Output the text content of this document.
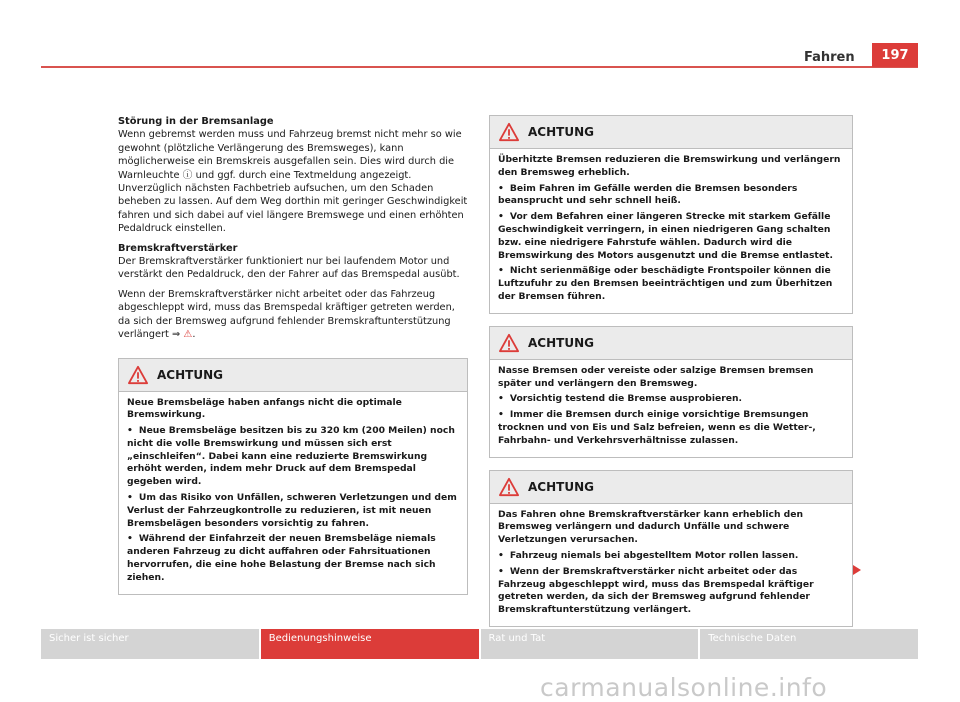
Fahren	197

Störung in der Bremsanlage

Wenn gebremst werden muss und Fahrzeug bremst nicht mehr so wie gewohnt (plötzliche Verlängerung des Bremsweges), kann möglicherweise ein Bremskreis ausgefallen sein. Dies wird durch die Warnleuchte ⓘ und ggf. durch eine Textmeldung angezeigt. Unverzüglich nächsten Fachbetrieb aufsuchen, um den Schaden beheben zu lassen. Auf dem Weg dorthin mit geringer Geschwindigkeit fahren und sich dabei auf viel längere Bremswege und einen erhöhten Pedaldruck einstellen.

Bremskraftverstärker

Der Bremskraftverstärker funktioniert nur bei laufendem Motor und verstärkt den Pedaldruck, den der Fahrer auf das Bremspedal ausübt.

Wenn der Bremskraftverstärker nicht arbeitet oder das Fahrzeug abgeschleppt wird, muss das Bremspedal kräftiger getreten werden, da sich der Bremsweg aufgrund fehlender Bremskraftunterstützung verlängert ⇒ ⚠.

ACHTUNG

Neue Bremsbeläge haben anfangs nicht die optimale Bremswirkung.

• Neue Bremsbeläge besitzen bis zu 320 km (200 Meilen) noch nicht die volle Bremswirkung und müssen sich erst „einschleifen“. Dabei kann eine reduzierte Bremswirkung erhöht werden, indem mehr Druck auf dem Bremspedal gegeben wird.

• Um das Risiko von Unfällen, schweren Verletzungen und dem Verlust der Fahrzeugkontrolle zu reduzieren, ist mit neuen Bremsbelägen besonders vorsichtig zu fahren.

• Während der Einfahrzeit der neuen Bremsbeläge niemals anderen Fahrzeug zu dicht auffahren oder Fahrsituationen hervorrufen, die eine hohe Belastung der Bremse nach sich ziehen.

ACHTUNG

Überhitzte Bremsen reduzieren die Bremswirkung und verlängern den Bremsweg erheblich.

• Beim Fahren im Gefälle werden die Bremsen besonders beansprucht und sehr schnell heiß.

• Vor dem Befahren einer längeren Strecke mit starkem Gefälle Geschwindigkeit verringern, in einen niedrigeren Gang schalten bzw. eine niedrigere Fahrstufe wählen. Dadurch wird die Bremswirkung des Motors ausgenutzt und die Bremse entlastet.

• Nicht serienmäßige oder beschädigte Frontspoiler können die Luftzufuhr zu den Bremsen beeinträchtigen und zum Überhitzen der Bremsen führen.

ACHTUNG

Nasse Bremsen oder vereiste oder salzige Bremsen bremsen später und verlängern den Bremsweg.

• Vorsichtig testend die Bremse ausprobieren.

• Immer die Bremsen durch einige vorsichtige Bremsungen trocknen und von Eis und Salz befreien, wenn es die Wetter-, Fahrbahn- und Verkehrsverhältnisse zulassen.

ACHTUNG

Das Fahren ohne Bremskraftverstärker kann erheblich den Bremsweg verlängern und dadurch Unfälle und schwere Verletzungen verursachen.

• Fahrzeug niemals bei abgestelltem Motor rollen lassen.

• Wenn der Bremskraftverstärker nicht arbeitet oder das Fahrzeug abgeschleppt wird, muss das Bremspedal kräftiger getreten werden, da sich der Bremsweg aufgrund fehlender Bremskraftunterstützung verlängert.

Sicher ist sicher	Bedienungshinweise	Rat und Tat	Technische Daten
carmanualsonline.info
